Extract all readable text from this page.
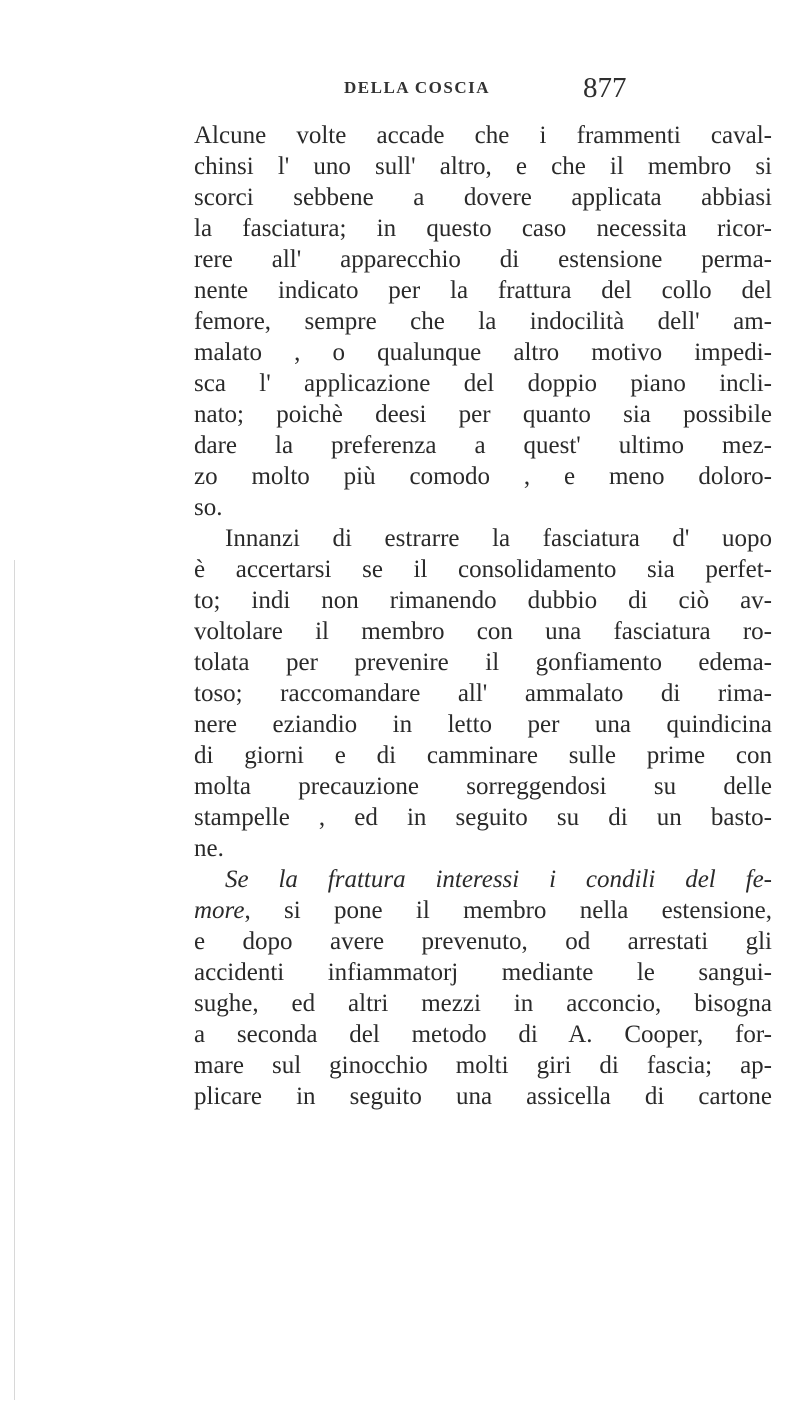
DELLA COSCIA	877
Alcune volte accade che i frammenti caval-
chinsi l' uno sull' altro, e che il membro si
scorci sebbene a dovere applicata abbiasi
la fasciatura; in questo caso necessita ricor-
rere all' apparecchio di estensione perma-
nente indicato per la frattura del collo del
femore, sempre che la indocilità dell' am-
malato , o qualunque altro motivo impedi-
sca l' applicazione del doppio piano incli-
nato; poichè deesi per quanto sia possibile
dare la preferenza a quest' ultimo mez-
zo molto più comodo , e meno doloro-
so.
Innanzi di estrarre la fasciatura d' uopo
è accertarsi se il consolidamento sia perfet-
to; indi non rimanendo dubbio di ciò av-
voltolare il membro con una fasciatura ro-
tolata per prevenire il gonfiamento edema-
toso; raccomandare all' ammalato di rima-
nere eziandio in letto per una quindicina
di giorni e di camminare sulle prime con
molta precauzione sorreggendosi su delle
stampelle , ed in seguito su di un basto-
ne.
Se la frattura interessi i condili del fe-
more, si pone il membro nella estensione,
e dopo avere prevenuto, od arrestati gli
accidenti infiammatorj mediante le sangui-
sughe, ed altri mezzi in acconcio, bisogna
a seconda del metodo di A. Cooper, for-
mare sul ginocchio molti giri di fascia; ap-
plicare in seguito una assicella di cartone
